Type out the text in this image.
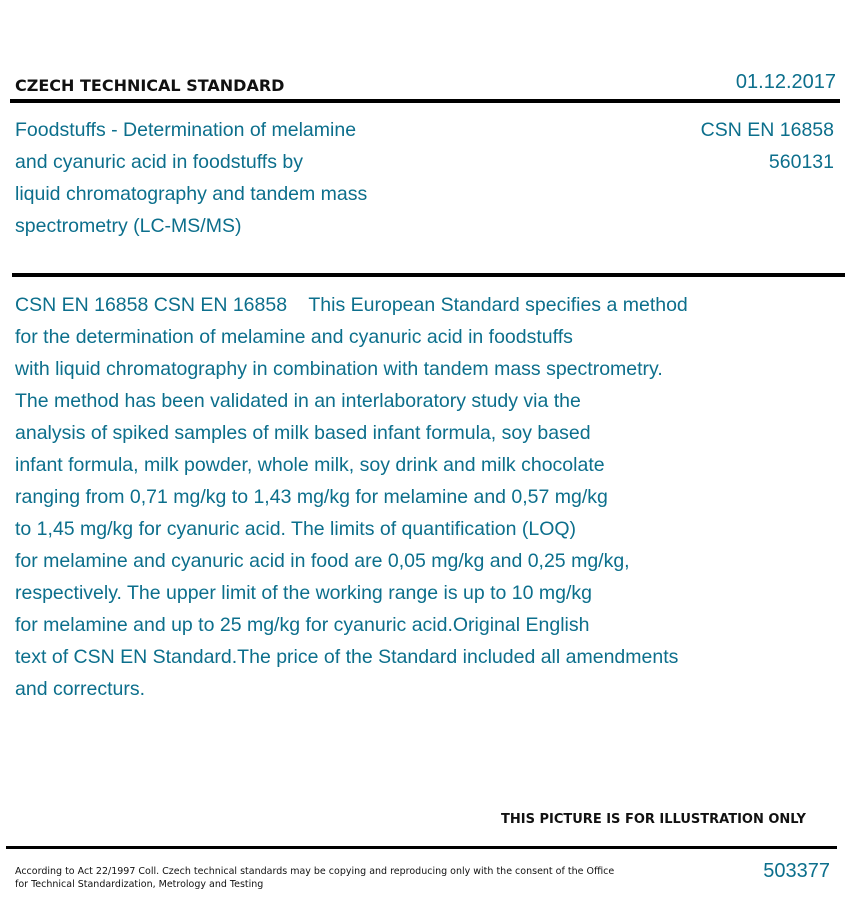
CZECH TECHNICAL STANDARD	01.12.2017
Foodstuffs - Determination of melamine
and cyanuric acid in foodstuffs by
liquid chromatography and tandem mass
spectrometry (LC-MS/MS)
CSN EN 16858
560131
CSN EN 16858 CSN EN 16858    This European Standard specifies a method
for the determination of melamine and cyanuric acid in foodstuffs
with liquid chromatography in combination with tandem mass spectrometry.
The method has been validated in an interlaboratory study via the
analysis of spiked samples of milk based infant formula, soy based
infant formula, milk powder, whole milk, soy drink and milk chocolate
ranging from 0,71 mg/kg to 1,43 mg/kg for melamine and 0,57 mg/kg
to 1,45 mg/kg for cyanuric acid. The limits of quantification (LOQ)
for melamine and cyanuric acid in food are 0,05 mg/kg and 0,25 mg/kg,
respectively. The upper limit of the working range is up to 10 mg/kg
for melamine and up to 25 mg/kg for cyanuric acid.Original English
text of CSN EN Standard.The price of the Standard included all amendments
and correcturs.
THIS PICTURE IS FOR ILLUSTRATION ONLY
According to Act 22/1997 Coll. Czech technical standards may be copying and reproducing only with the consent of the Office
for Technical Standardization, Metrology and Testing
503377
